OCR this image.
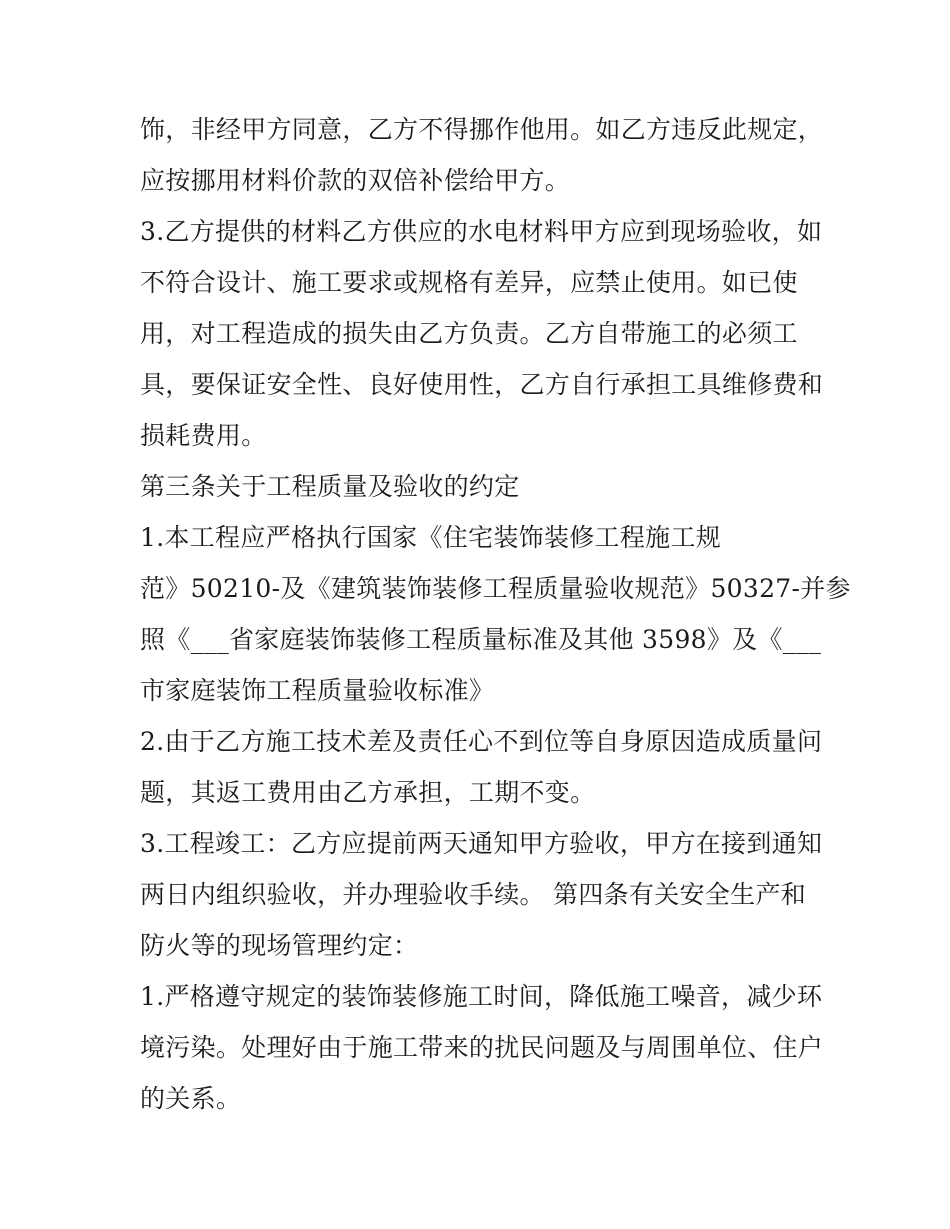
饰，非经甲方同意，乙方不得挪作他用。如乙方违反此规定，
应按挪用材料价款的双倍补偿给甲方。
3.乙方提供的材料乙方供应的水电材料甲方应到现场验收，如
不符合设计、施工要求或规格有差异，应禁止使用。如已使
用，对工程造成的损失由乙方负责。乙方自带施工的必须工
具，要保证安全性、良好使用性，乙方自行承担工具维修费和
损耗费用。
第三条关于工程质量及验收的约定
1.本工程应严格执行国家《住宅装饰装修工程施工规
范》50210-及《建筑装饰装修工程质量验收规范》50327-并参
照《___省家庭装饰装修工程质量标准及其他 3598》及《___
市家庭装饰工程质量验收标准》
2.由于乙方施工技术差及责任心不到位等自身原因造成质量问
题，其返工费用由乙方承担，工期不变。
3.工程竣工：乙方应提前两天通知甲方验收，甲方在接到通知
两日内组织验收，并办理验收手续。 第四条有关安全生产和
防火等的现场管理约定：
1.严格遵守规定的装饰装修施工时间，降低施工噪音，减少环
境污染。处理好由于施工带来的扰民问题及与周围单位、住户
的关系。
